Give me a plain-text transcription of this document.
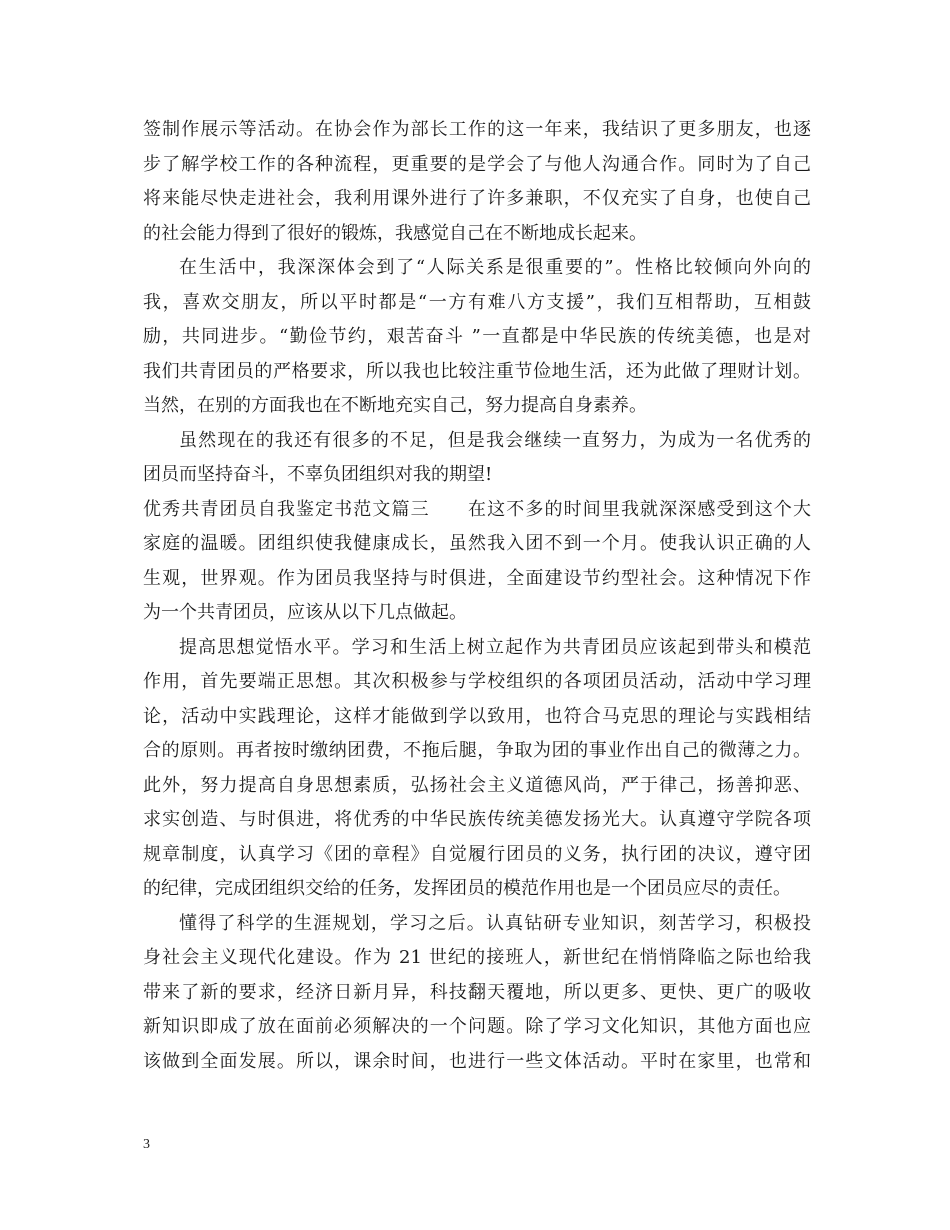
签制作展示等活动。在协会作为部长工作的这一年来，我结识了更多朋友，也逐
步了解学校工作的各种流程，更重要的是学会了与他人沟通合作。同时为了自己
将来能尽快走进社会，我利用课外进行了许多兼职，不仅充实了自身，也使自己
的社会能力得到了很好的锻炼，我感觉自己在不断地成长起来。
在生活中，我深深体会到了“人际关系是很重要的”。性格比较倾向外向的
我，喜欢交朋友，所以平时都是“一方有难八方支援”，我们互相帮助，互相鼓
励，共同进步。“勤俭节约，艰苦奋斗 ”一直都是中华民族的传统美德，也是对
我们共青团员的严格要求，所以我也比较注重节俭地生活，还为此做了理财计划。
当然，在别的方面我也在不断地充实自己，努力提高自身素养。
虽然现在的我还有很多的不足，但是我会继续一直努力，为成为一名优秀的
团员而坚持奋斗，不辜负团组织对我的期望!
优秀共青团员自我鉴定书范文篇三　　在这不多的时间里我就深深感受到这个大
家庭的温暖。团组织使我健康成长，虽然我入团不到一个月。使我认识正确的人
生观，世界观。作为团员我坚持与时俱进，全面建设节约型社会。这种情况下作
为一个共青团员，应该从以下几点做起。
提高思想觉悟水平。学习和生活上树立起作为共青团员应该起到带头和模范
作用，首先要端正思想。其次积极参与学校组织的各项团员活动，活动中学习理
论，活动中实践理论，这样才能做到学以致用，也符合马克思的理论与实践相结
合的原则。再者按时缴纳团费，不拖后腿，争取为团的事业作出自己的微薄之力。
此外，努力提高自身思想素质，弘扬社会主义道德风尚，严于律己，扬善抑恶、
求实创造、与时俱进，将优秀的中华民族传统美德发扬光大。认真遵守学院各项
规章制度，认真学习《团的章程》自觉履行团员的义务，执行团的决议，遵守团
的纪律，完成团组织交给的任务，发挥团员的模范作用也是一个团员应尽的责任。
懂得了科学的生涯规划，学习之后。认真钻研专业知识，刻苦学习，积极投
身社会主义现代化建设。作为 21 世纪的接班人，新世纪在悄悄降临之际也给我
带来了新的要求，经济日新月异，科技翻天覆地，所以更多、更快、更广的吸收
新知识即成了放在面前必须解决的一个问题。除了学习文化知识，其他方面也应
该做到全面发展。所以，课余时间，也进行一些文体活动。平时在家里，也常和
3
